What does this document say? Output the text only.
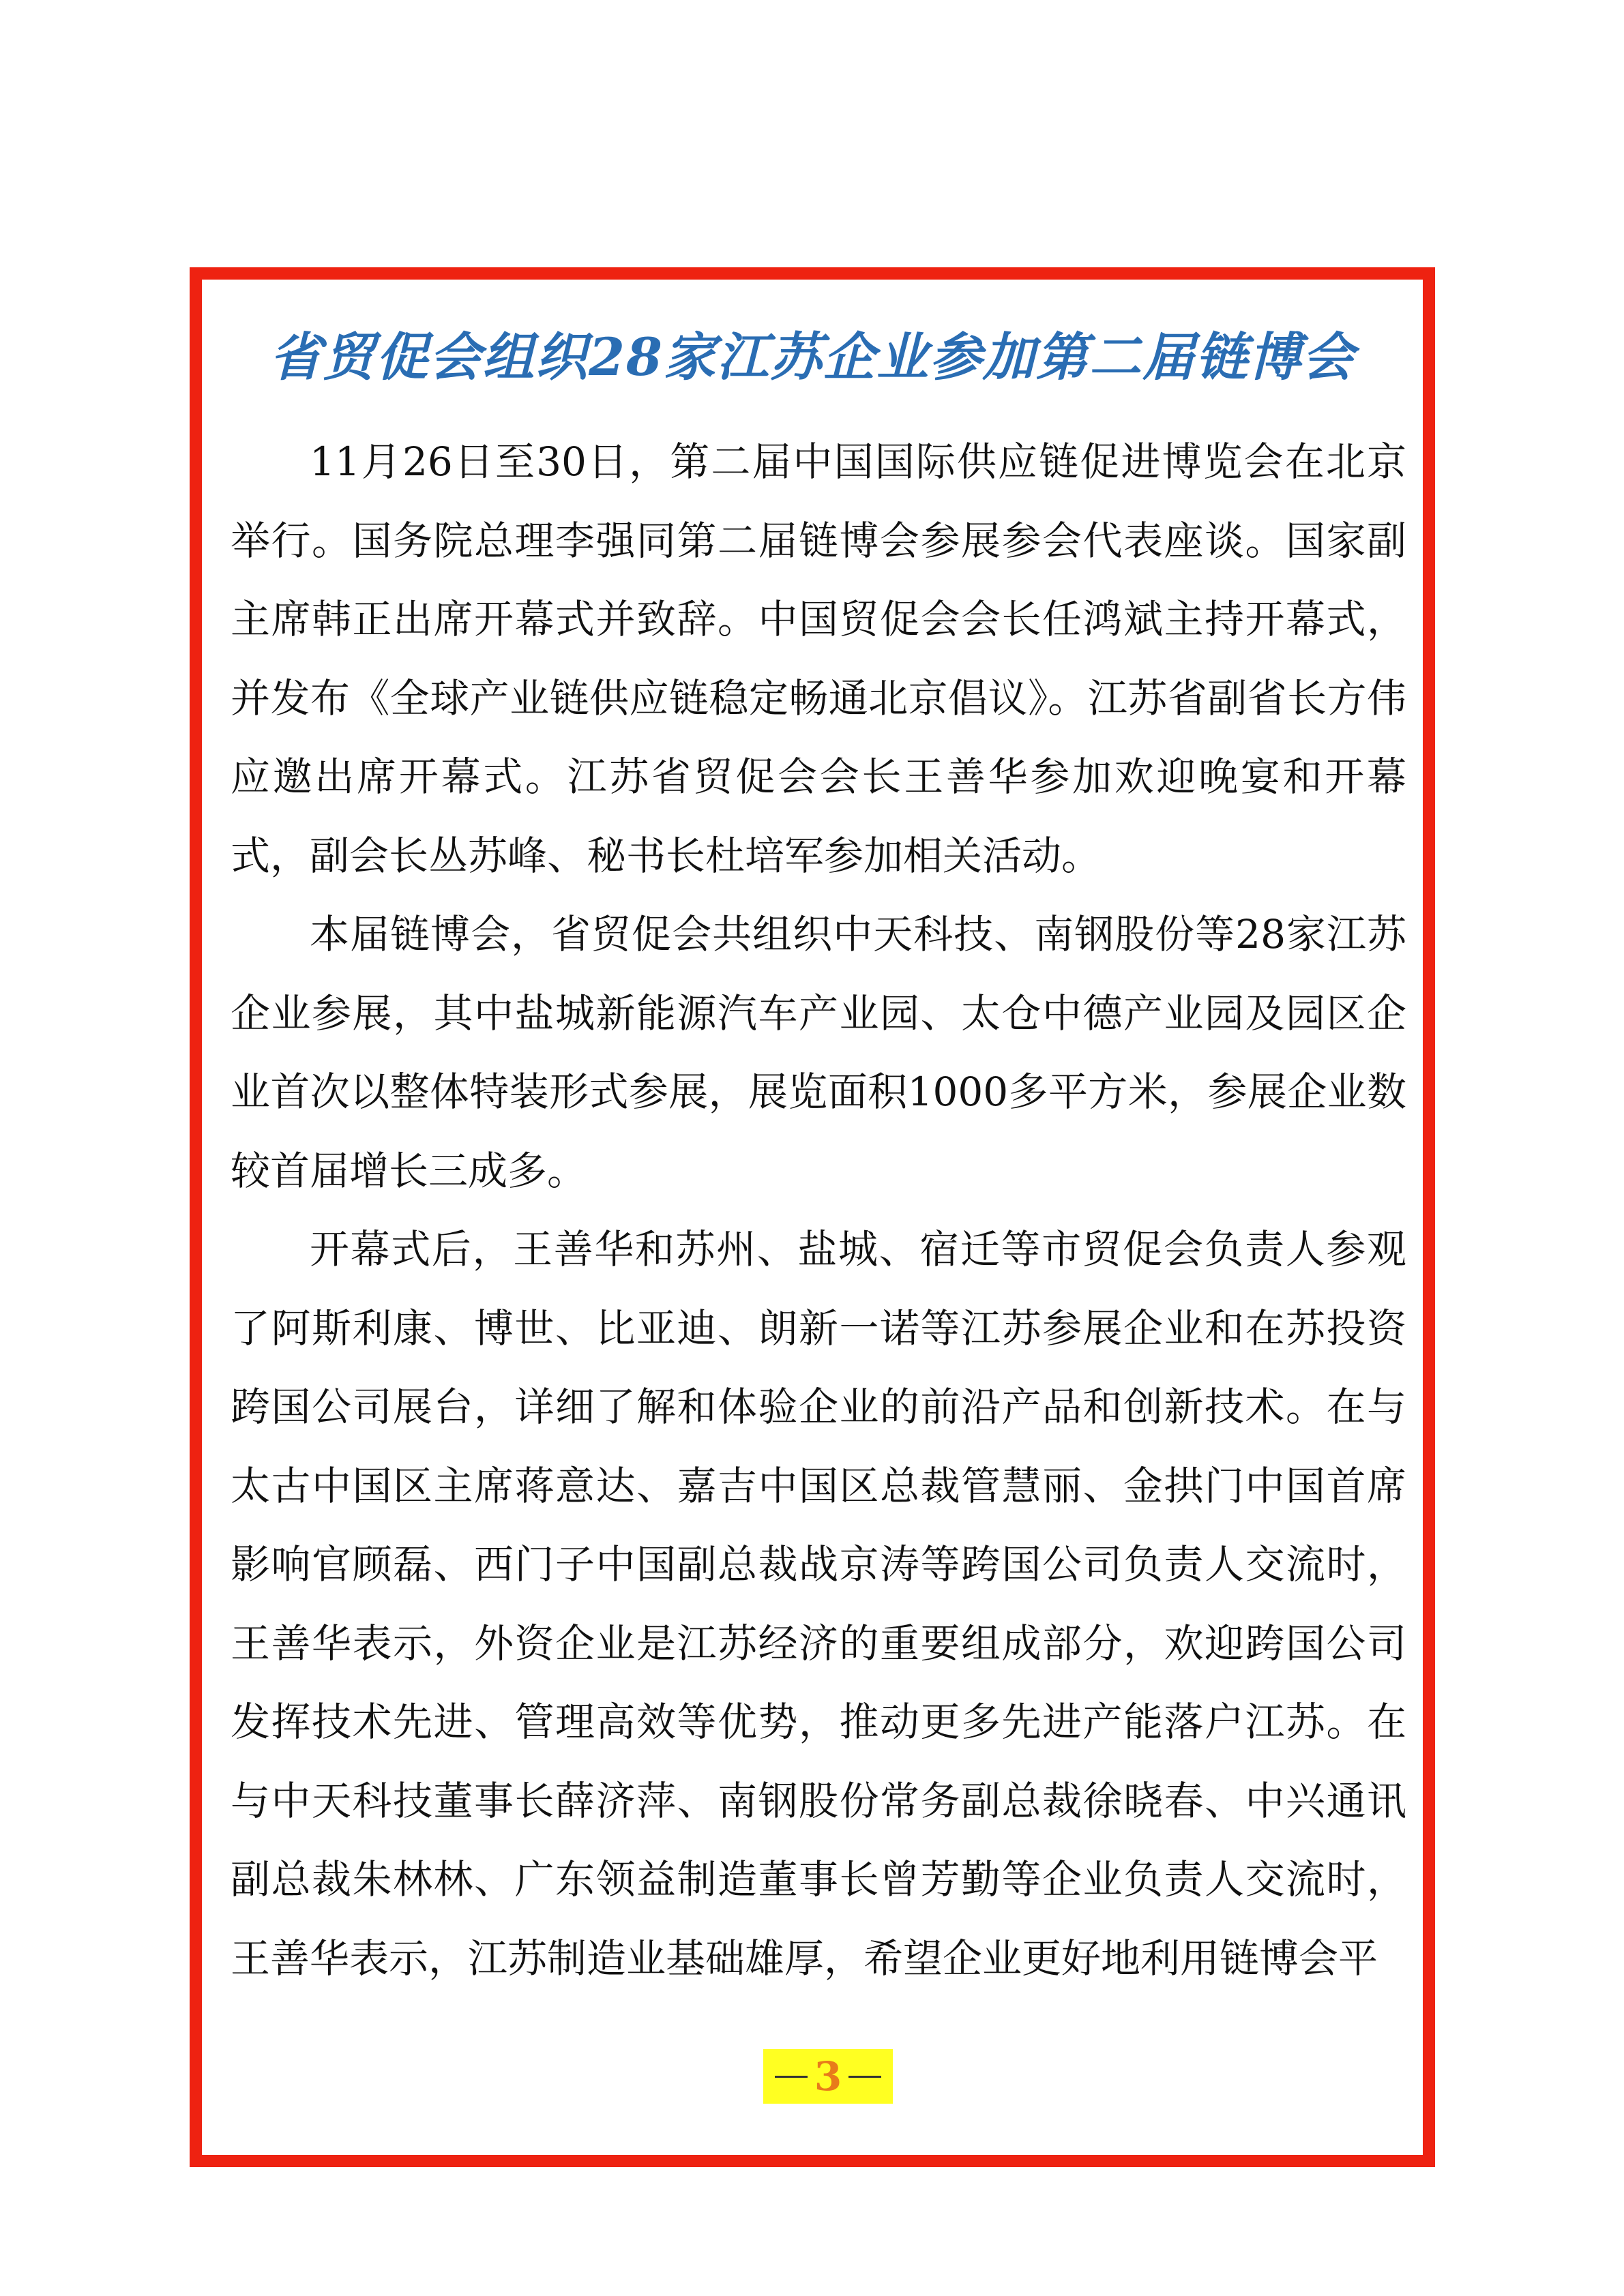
省贸促会组织28家江苏企业参加第二届链博会

11月26日至30日，第二届中国国际供应链促进博览会在北京举行。国务院总理李强同第二届链博会参展参会代表座谈。国家副主席韩正出席开幕式并致辞。中国贸促会会长任鸿斌主持开幕式，并发布《全球产业链供应链稳定畅通北京倡议》。江苏省副省长方伟应邀出席开幕式。江苏省贸促会会长王善华参加欢迎晚宴和开幕式，副会长丛苏峰、秘书长杜培军参加相关活动。

本届链博会，省贸促会共组织中天科技、南钢股份等28家江苏企业参展，其中盐城新能源汽车产业园、太仓中德产业园及园区企业首次以整体特装形式参展，展览面积1000多平方米，参展企业数较首届增长三成多。

开幕式后，王善华和苏州、盐城、宿迁等市贸促会负责人参观了阿斯利康、博世、比亚迪、朗新一诺等江苏参展企业和在苏投资跨国公司展台，详细了解和体验企业的前沿产品和创新技术。在与太古中国区主席蒋意达、嘉吉中国区总裁管慧丽、金拱门中国首席影响官顾磊、西门子中国副总裁战京涛等跨国公司负责人交流时，王善华表示，外资企业是江苏经济的重要组成部分，欢迎跨国公司发挥技术先进、管理高效等优势，推动更多先进产能落户江苏。在与中天科技董事长薛济萍、南钢股份常务副总裁徐晓春、中兴通讯副总裁朱林林、广东领益制造董事长曾芳勤等企业负责人交流时，王善华表示，江苏制造业基础雄厚，希望企业更好地利用链博会平

3
